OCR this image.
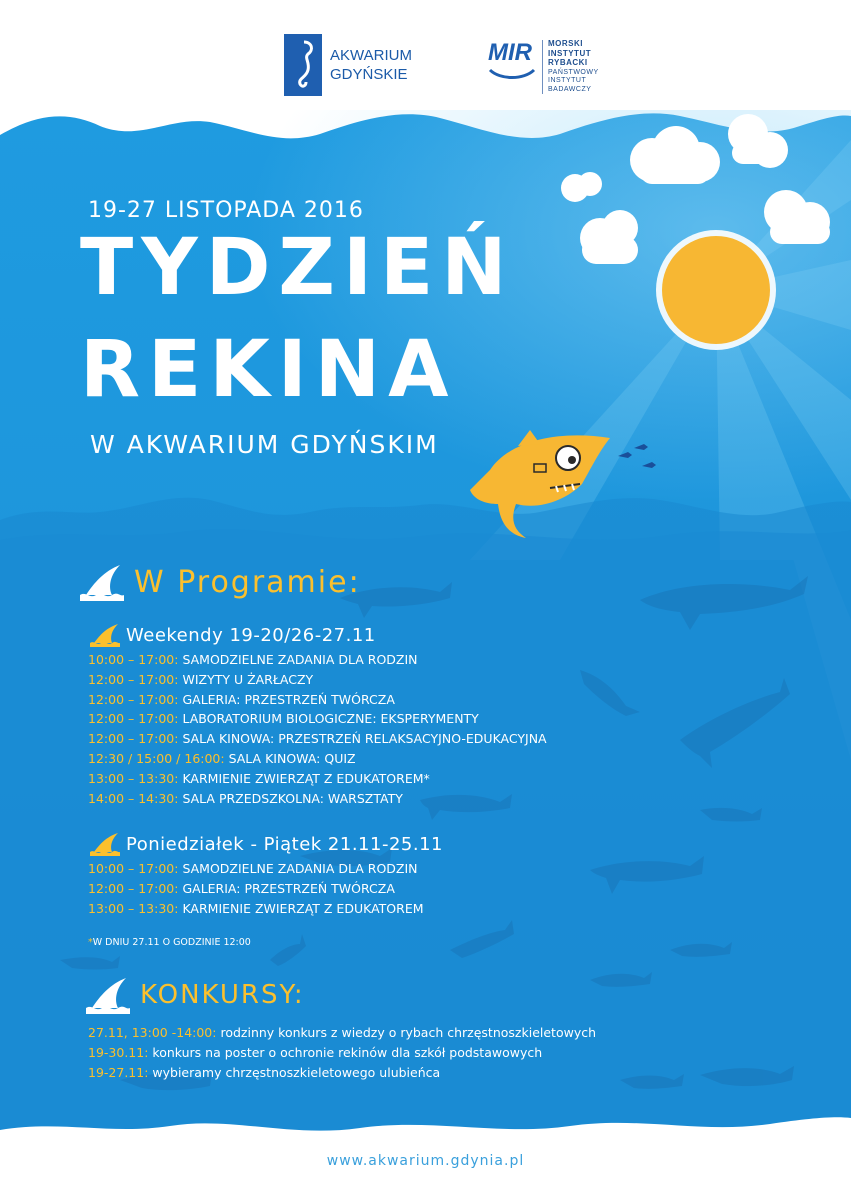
AKWARIUM
GDYŃSKIE
MIR	MORSKI
INSTYTUT
RYBACKI
PAŃSTWOWY
INSTYTUT
BADAWCZY
19-27 LISTOPADA 2016
TYDZIEŃ
REKINA
W AKWARIUM GDYŃSKIM
W Programie:
Weekendy 19-20/26-27.11
10:00 – 17:00: SAMODZIELNE ZADANIA DLA RODZIN
12:00 – 17:00: WIZYTY U ŻARŁACZY
12:00 – 17:00: GALERIA: PRZESTRZEŃ TWÓRCZA
12:00 – 17:00: LABORATORIUM BIOLOGICZNE: EKSPERYMENTY
12:00 – 17:00: SALA KINOWA: PRZESTRZEŃ RELAKSACYJNO-EDUKACYJNA
12:30 / 15:00 / 16:00: SALA KINOWA: QUIZ
13:00 – 13:30: KARMIENIE ZWIERZĄT Z EDUKATOREM*
14:00 – 14:30: SALA PRZEDSZKOLNA: WARSZTATY
Poniedziałek - Piątek 21.11-25.11
10:00 – 17:00: SAMODZIELNE ZADANIA DLA RODZIN
12:00 – 17:00: GALERIA: PRZESTRZEŃ TWÓRCZA
13:00 – 13:30: KARMIENIE ZWIERZĄT Z EDUKATOREM
*W DNIU 27.11 O GODZINIE 12:00
KONKURSY:
27.11, 13:00 -14:00: rodzinny konkurs z wiedzy o rybach chrzęstnoszkieletowych
19-30.11: konkurs na poster o ochronie rekinów dla szkół podstawowych
19-27.11: wybieramy chrzęstnoszkieletowego ulubieńca
www.akwarium.gdynia.pl
